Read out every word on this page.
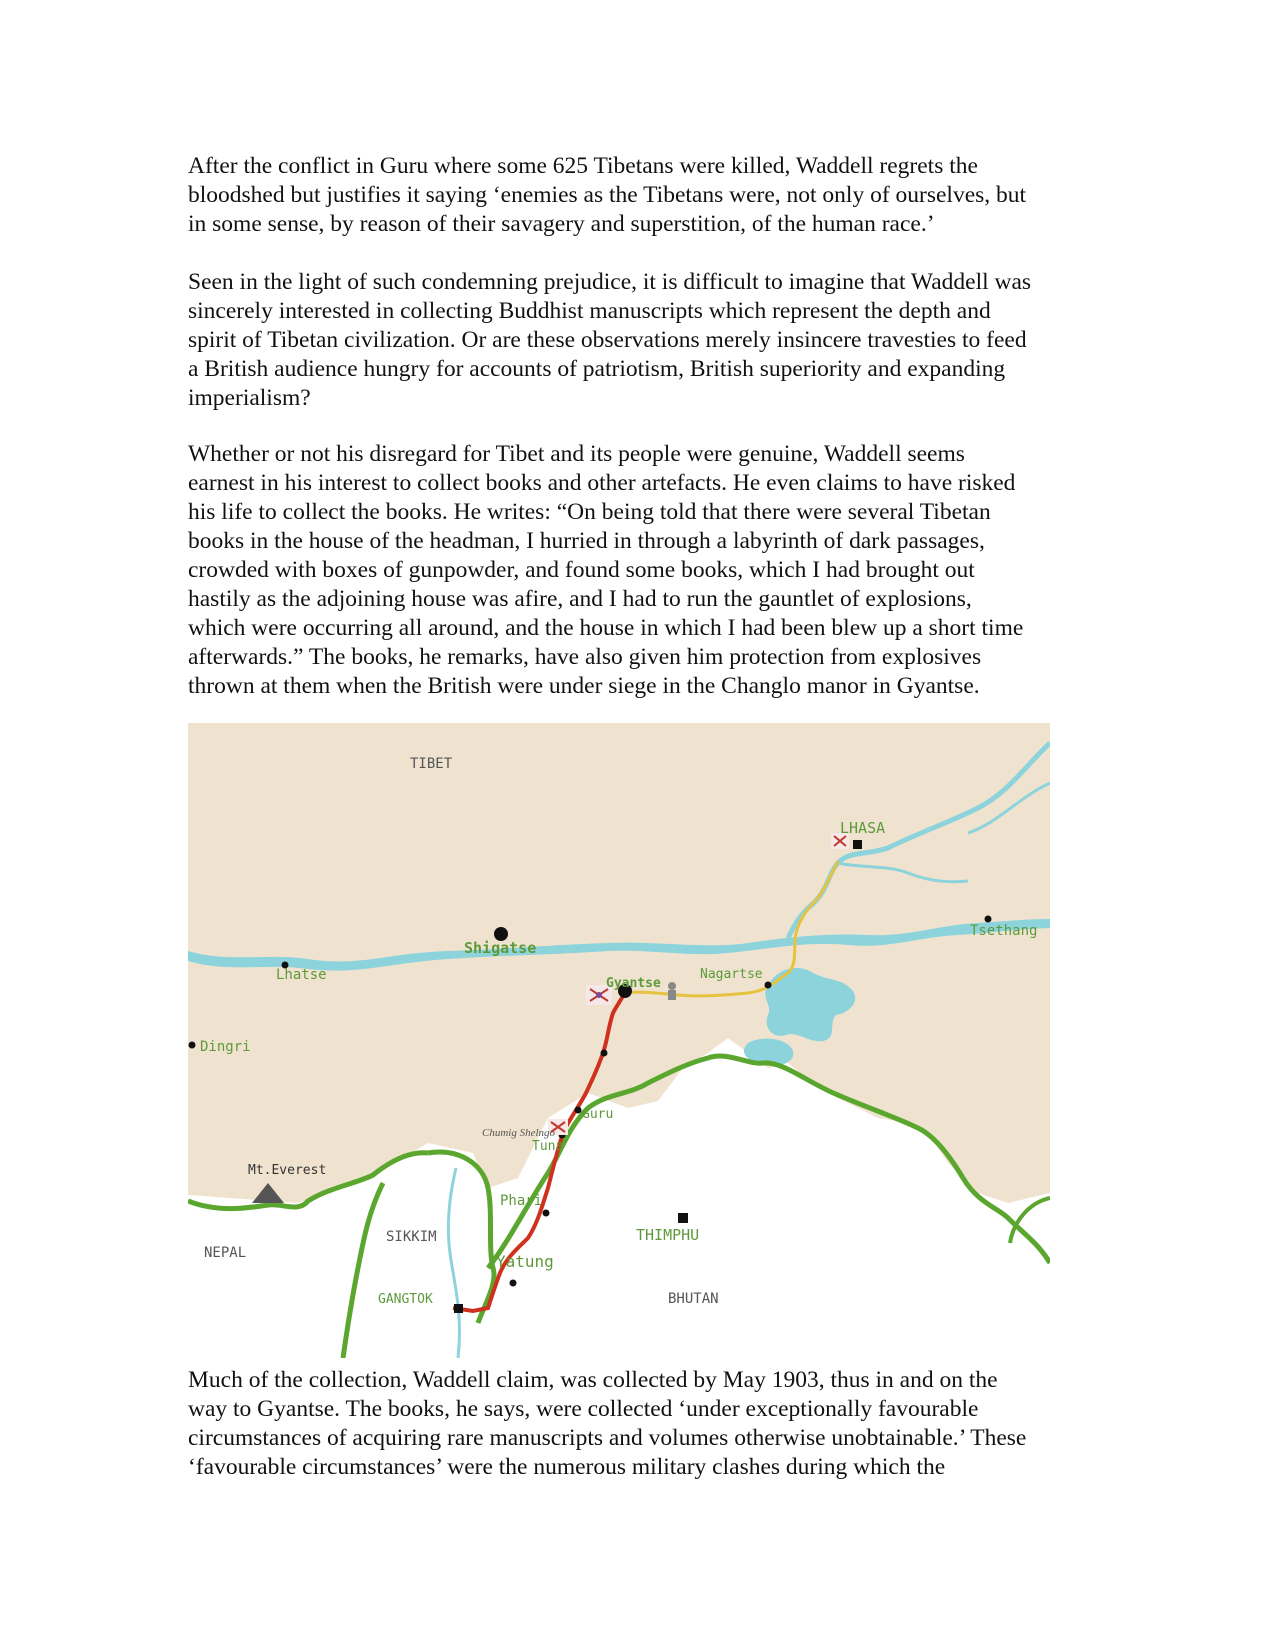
After the conflict in Guru where some 625 Tibetans were killed, Waddell regrets the
bloodshed but justifies it saying ‘enemies as the Tibetans were, not only of ourselves, but
in some sense, by reason of their savagery and superstition, of the human race.’

Seen in the light of such condemning prejudice, it is difficult to imagine that Waddell was
sincerely interested in collecting Buddhist manuscripts which represent the depth and
spirit of Tibetan civilization. Or are these observations merely insincere travesties to feed
a British audience hungry for accounts of patriotism, British superiority and expanding
imperialism?

Whether or not his disregard for Tibet and its people were genuine, Waddell seems
earnest in his interest to collect books and other artefacts. He even claims to have risked
his life to collect the books. He writes: “On being told that there were several Tibetan
books in the house of the headman, I hurried in through a labyrinth of dark passages,
crowded with boxes of gunpowder, and found some books, which I had brought out
hastily as the adjoining house was afire, and I had to run the gauntlet of explosions,
which were occurring all around, and the house in which I had been blew up a short time
afterwards.” The books, he remarks, have also given him protection from explosives
thrown at them when the British were under siege in the Changlo manor in Gyantse.

TIBET
LHASA
Tsethang
Shigatse
Lhatse
Gyantse
Nagartse
Dingri
Guru
Chumig Shelngo
Tuna
Mt.Everest
Phari
SIKKIM	THIMPHU
NEPAL	Yatung
GANGTOK	BHUTAN

Much of the collection, Waddell claim, was collected by May 1903, thus in and on the
way to Gyantse. The books, he says, were collected ‘under exceptionally favourable
circumstances of acquiring rare manuscripts and volumes otherwise unobtainable.’ These
‘favourable circumstances’ were the numerous military clashes during which the
